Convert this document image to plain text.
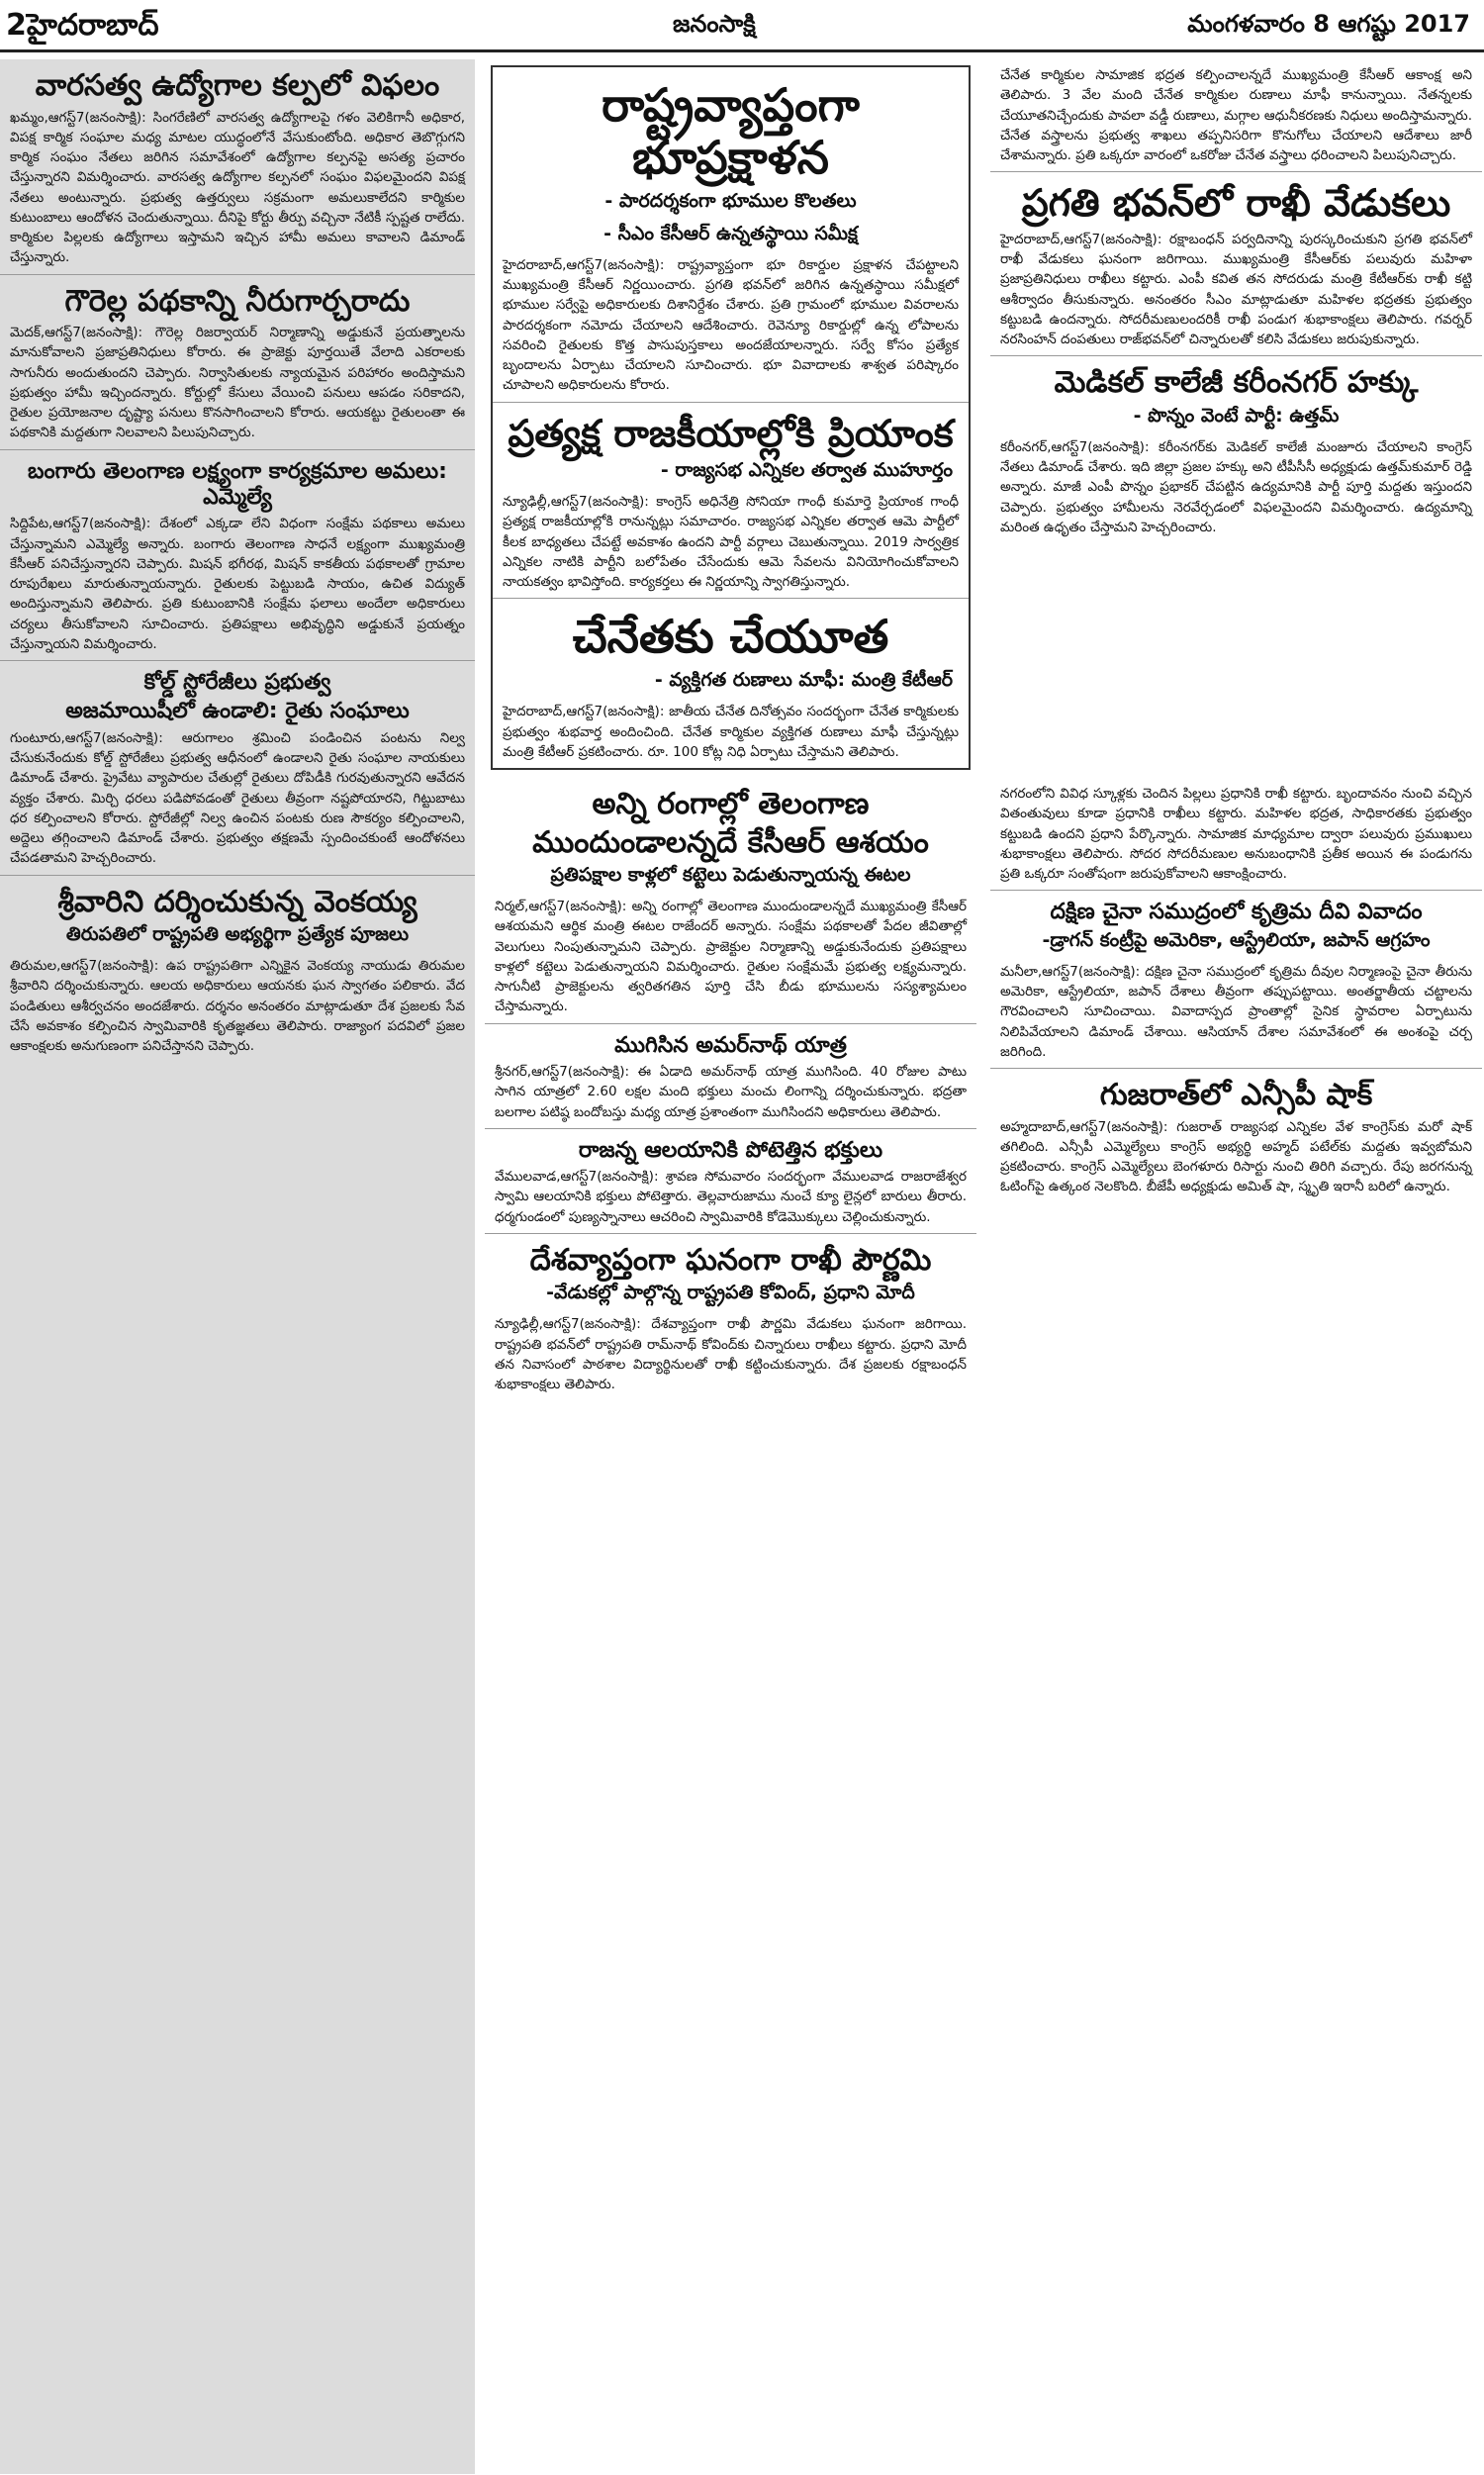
2హైదరాబాద్	జనంసాక్షి	మంగళవారం 8 ఆగష్టు 2017
వారసత్వ ఉద్యోగాల కల్పలో విఫలం

ఖమ్మం,ఆగస్ట్7(జనంసాక్షి): సింగరేణిలో వారసత్వ ఉద్యోగాలపై గళం వెలికిగానీ అధికార, విపక్ష కార్మిక సంఘాల మధ్య మాటల యుద్ధంలోనే వేసుకుంటోంది. అధికార తెబొగ్గుగని కార్మిక సంఘం నేతలు జరిగిన సమావేశంలో ఉద్యోగాల కల్పనపై అసత్య ప్రచారం చేస్తున్నారని విమర్శించారు. వారసత్వ ఉద్యోగాల కల్పనలో సంఘం విఫలమైందని విపక్ష నేతలు అంటున్నారు. ప్రభుత్వ ఉత్తర్వులు సక్రమంగా అమలుకాలేదని కార్మికుల కుటుంబాలు ఆందోళన చెందుతున్నాయి. దీనిపై కోర్టు తీర్పు వచ్చినా నేటికీ స్పష్టత రాలేదు. కార్మికుల పిల్లలకు ఉద్యోగాలు ఇస్తామని ఇచ్చిన హామీ అమలు కావాలని డిమాండ్ చేస్తున్నారు.

గౌరెల్ల పథకాన్ని నీరుగార్చరాదు

మెదక్,ఆగస్ట్7(జనంసాక్షి): గౌరెల్ల రిజర్వాయర్ నిర్మాణాన్ని అడ్డుకునే ప్రయత్నాలను మానుకోవాలని ప్రజాప్రతినిధులు కోరారు. ఈ ప్రాజెక్టు పూర్తయితే వేలాది ఎకరాలకు సాగునీరు అందుతుందని చెప్పారు. నిర్వాసితులకు న్యాయమైన పరిహారం అందిస్తామని ప్రభుత్వం హామీ ఇచ్చిందన్నారు. కోర్టుల్లో కేసులు వేయించి పనులు ఆపడం సరికాదని, రైతుల ప్రయోజనాల దృష్ట్యా పనులు కొనసాగించాలని కోరారు. ఆయకట్టు రైతులంతా ఈ పథకానికి మద్దతుగా నిలవాలని పిలుపునిచ్చారు.

బంగారు తెలంగాణ లక్ష్యంగా కార్యక్రమాల అమలు: ఎమ్మెల్యే

సిద్దిపేట,ఆగస్ట్7(జనంసాక్షి): దేశంలో ఎక్కడా లేని విధంగా సంక్షేమ పథకాలు అమలు చేస్తున్నామని ఎమ్మెల్యే అన్నారు. బంగారు తెలంగాణ సాధనే లక్ష్యంగా ముఖ్యమంత్రి కేసీఆర్ పనిచేస్తున్నారని చెప్పారు. మిషన్ భగీరథ, మిషన్ కాకతీయ పథకాలతో గ్రామాల రూపురేఖలు మారుతున్నాయన్నారు. రైతులకు పెట్టుబడి సాయం, ఉచిత విద్యుత్ అందిస్తున్నామని తెలిపారు. ప్రతి కుటుంబానికి సంక్షేమ ఫలాలు అందేలా అధికారులు చర్యలు తీసుకోవాలని సూచించారు. ప్రతిపక్షాలు అభివృద్ధిని అడ్డుకునే ప్రయత్నం చేస్తున్నాయని విమర్శించారు.

కోల్డ్ స్టోరేజీలు ప్రభుత్వ
అజమాయిషీలో ఉండాలి: రైతు సంఘాలు

గుంటూరు,ఆగస్ట్7(జనంసాక్షి): ఆరుగాలం శ్రమించి పండించిన పంటను నిల్వ చేసుకునేందుకు కోల్డ్ స్టోరేజీలు ప్రభుత్వ ఆధీనంలో ఉండాలని రైతు సంఘాల నాయకులు డిమాండ్ చేశారు. ప్రైవేటు వ్యాపారుల చేతుల్లో రైతులు దోపిడీకి గురవుతున్నారని ఆవేదన వ్యక్తం చేశారు. మిర్చి ధరలు పడిపోవడంతో రైతులు తీవ్రంగా నష్టపోయారని, గిట్టుబాటు ధర కల్పించాలని కోరారు. స్టోరేజీల్లో నిల్వ ఉంచిన పంటకు రుణ సౌకర్యం కల్పించాలని, అద్దెలు తగ్గించాలని డిమాండ్ చేశారు. ప్రభుత్వం తక్షణమే స్పందించకుంటే ఆందోళనలు చేపడతామని హెచ్చరించారు.

శ్రీవారిని దర్శించుకున్న వెంకయ్య
తిరుపతిలో రాష్ట్రపతి అభ్యర్థిగా ప్రత్యేక పూజలు

తిరుమల,ఆగస్ట్7(జనంసాక్షి): ఉప రాష్ట్రపతిగా ఎన్నికైన వెంకయ్య నాయుడు తిరుమల శ్రీవారిని దర్శించుకున్నారు. ఆలయ అధికారులు ఆయనకు ఘన స్వాగతం పలికారు. వేద పండితులు ఆశీర్వచనం అందజేశారు. దర్శనం అనంతరం మాట్లాడుతూ దేశ ప్రజలకు సేవ చేసే అవకాశం కల్పించిన స్వామివారికి కృతజ్ఞతలు తెలిపారు. రాజ్యాంగ పదవిలో ప్రజల ఆకాంక్షలకు అనుగుణంగా పనిచేస్తానని చెప్పారు.

రాష్ట్రవ్యాప్తంగా భూప్రక్షాళన
- పారదర్శకంగా భూముల కొలతలు
- సీఎం కేసీఆర్ ఉన్నతస్థాయి సమీక్ష

హైదరాబాద్,ఆగస్ట్7(జనంసాక్షి): రాష్ట్రవ్యాప్తంగా భూ రికార్డుల ప్రక్షాళన చేపట్టాలని ముఖ్యమంత్రి కేసీఆర్ నిర్ణయించారు. ప్రగతి భవన్‌లో జరిగిన ఉన్నతస్థాయి సమీక్షలో భూముల సర్వేపై అధికారులకు దిశానిర్దేశం చేశారు. ప్రతి గ్రామంలో భూముల వివరాలను పారదర్శకంగా నమోదు చేయాలని ఆదేశించారు. రెవెన్యూ రికార్డుల్లో ఉన్న లోపాలను సవరించి రైతులకు కొత్త పాసుపుస్తకాలు అందజేయాలన్నారు. సర్వే కోసం ప్రత్యేక బృందాలను ఏర్పాటు చేయాలని సూచించారు. భూ వివాదాలకు శాశ్వత పరిష్కారం చూపాలని అధికారులను కోరారు.

ప్రత్యక్ష రాజకీయాల్లోకి ప్రియాంక
- రాజ్యసభ ఎన్నికల తర్వాత ముహూర్తం

న్యూఢిల్లీ,ఆగస్ట్7(జనంసాక్షి): కాంగ్రెస్ అధినేత్రి సోనియా గాంధీ కుమార్తె ప్రియాంక గాంధీ ప్రత్యక్ష రాజకీయాల్లోకి రానున్నట్లు సమాచారం. రాజ్యసభ ఎన్నికల తర్వాత ఆమె పార్టీలో కీలక బాధ్యతలు చేపట్టే అవకాశం ఉందని పార్టీ వర్గాలు చెబుతున్నాయి. 2019 సార్వత్రిక ఎన్నికల నాటికి పార్టీని బలోపేతం చేసేందుకు ఆమె సేవలను వినియోగించుకోవాలని నాయకత్వం భావిస్తోంది. కార్యకర్తలు ఈ నిర్ణయాన్ని స్వాగతిస్తున్నారు.

చేనేతకు చేయూత
- వ్యక్తిగత రుణాలు మాఫీ: మంత్రి కేటీఆర్

హైదరాబాద్,ఆగస్ట్7(జనంసాక్షి): జాతీయ చేనేత దినోత్సవం సందర్భంగా చేనేత కార్మికులకు ప్రభుత్వం శుభవార్త అందించింది. చేనేత కార్మికుల వ్యక్తిగత రుణాలు మాఫీ చేస్తున్నట్లు మంత్రి కేటీఆర్ ప్రకటించారు. రూ. 100 కోట్ల నిధి ఏర్పాటు చేస్తామని తెలిపారు.

చేనేత కార్మికుల సామాజిక భద్రత కల్పించాలన్నదే ముఖ్యమంత్రి కేసీఆర్ ఆకాంక్ష అని తెలిపారు. 3 వేల మంది చేనేత కార్మికుల రుణాలు మాఫీ కానున్నాయి. నేతన్నలకు చేయూతనిచ్చేందుకు పావలా వడ్డీ రుణాలు, మగ్గాల ఆధునీకరణకు నిధులు అందిస్తామన్నారు. చేనేత వస్త్రాలను ప్రభుత్వ శాఖలు తప్పనిసరిగా కొనుగోలు చేయాలని ఆదేశాలు జారీ చేశామన్నారు. ప్రతి ఒక్కరూ వారంలో ఒకరోజు చేనేత వస్త్రాలు ధరించాలని పిలుపునిచ్చారు.

ప్రగతి భవన్‌లో రాఖీ వేడుకలు

హైదరాబాద్,ఆగస్ట్7(జనంసాక్షి): రక్షాబంధన్ పర్వదినాన్ని పురస్కరించుకుని ప్రగతి భవన్‌లో రాఖీ వేడుకలు ఘనంగా జరిగాయి. ముఖ్యమంత్రి కేసీఆర్‌కు పలువురు మహిళా ప్రజాప్రతినిధులు రాఖీలు కట్టారు. ఎంపీ కవిత తన సోదరుడు మంత్రి కేటీఆర్‌కు రాఖీ కట్టి ఆశీర్వాదం తీసుకున్నారు. అనంతరం సీఎం మాట్లాడుతూ మహిళల భద్రతకు ప్రభుత్వం కట్టుబడి ఉందన్నారు. సోదరీమణులందరికీ రాఖీ పండుగ శుభాకాంక్షలు తెలిపారు. గవర్నర్ నరసింహన్ దంపతులు రాజ్‌భవన్‌లో చిన్నారులతో కలిసి వేడుకలు జరుపుకున్నారు.

మెడికల్ కాలేజీ కరీంనగర్ హక్కు
- పొన్నం వెంటే పార్టీ: ఉత్తమ్

కరీంనగర్,ఆగస్ట్7(జనంసాక్షి): కరీంనగర్‌కు మెడికల్ కాలేజీ మంజూరు చేయాలని కాంగ్రెస్ నేతలు డిమాండ్ చేశారు. ఇది జిల్లా ప్రజల హక్కు అని టీపీసీసీ అధ్యక్షుడు ఉత్తమ్‌కుమార్ రెడ్డి అన్నారు. మాజీ ఎంపీ పొన్నం ప్రభాకర్ చేపట్టిన ఉద్యమానికి పార్టీ పూర్తి మద్దతు ఇస్తుందని చెప్పారు. ప్రభుత్వం హామీలను నెరవేర్చడంలో విఫలమైందని విమర్శించారు. ఉద్యమాన్ని మరింత ఉధృతం చేస్తామని హెచ్చరించారు.

అన్ని రంగాల్లో తెలంగాణ
ముందుండాలన్నదే కేసీఆర్ ఆశయం
ప్రతిపక్షాల కాళ్లలో కట్టెలు పెడుతున్నాయన్న ఈటల

నిర్మల్,ఆగస్ట్7(జనంసాక్షి): అన్ని రంగాల్లో తెలంగాణ ముందుండాలన్నదే ముఖ్యమంత్రి కేసీఆర్ ఆశయమని ఆర్థిక మంత్రి ఈటల రాజేందర్ అన్నారు. సంక్షేమ పథకాలతో పేదల జీవితాల్లో వెలుగులు నింపుతున్నామని చెప్పారు. ప్రాజెక్టుల నిర్మాణాన్ని అడ్డుకునేందుకు ప్రతిపక్షాలు కాళ్లలో కట్టెలు పెడుతున్నాయని విమర్శించారు. రైతుల సంక్షేమమే ప్రభుత్వ లక్ష్యమన్నారు. సాగునీటి ప్రాజెక్టులను త్వరితగతిన పూర్తి చేసి బీడు భూములను సస్యశ్యామలం చేస్తామన్నారు.

ముగిసిన అమర్‌నాథ్ యాత్ర

శ్రీనగర్,ఆగస్ట్7(జనంసాక్షి): ఈ ఏడాది అమర్‌నాథ్ యాత్ర ముగిసింది. 40 రోజుల పాటు సాగిన యాత్రలో 2.60 లక్షల మంది భక్తులు మంచు లింగాన్ని దర్శించుకున్నారు. భద్రతా బలగాల పటిష్ఠ బందోబస్తు మధ్య యాత్ర ప్రశాంతంగా ముగిసిందని అధికారులు తెలిపారు.

రాజన్న ఆలయానికి పోటెత్తిన భక్తులు

వేములవాడ,ఆగస్ట్7(జనంసాక్షి): శ్రావణ సోమవారం సందర్భంగా వేములవాడ రాజరాజేశ్వర స్వామి ఆలయానికి భక్తులు పోటెత్తారు. తెల్లవారుజాము నుంచే క్యూ లైన్లలో బారులు తీరారు. ధర్మగుండంలో పుణ్యస్నానాలు ఆచరించి స్వామివారికి కోడెమొక్కులు చెల్లించుకున్నారు.

దేశవ్యాప్తంగా ఘనంగా రాఖీ పౌర్ణమి
-వేడుకల్లో పాల్గొన్న రాష్ట్రపతి కోవింద్, ప్రధాని మోదీ

న్యూఢిల్లీ,ఆగస్ట్7(జనంసాక్షి): దేశవ్యాప్తంగా రాఖీ పౌర్ణమి వేడుకలు ఘనంగా జరిగాయి. రాష్ట్రపతి భవన్‌లో రాష్ట్రపతి రామ్‌నాథ్ కోవింద్‌కు చిన్నారులు రాఖీలు కట్టారు. ప్రధాని మోదీ తన నివాసంలో పాఠశాల విద్యార్థినులతో రాఖీ కట్టించుకున్నారు. దేశ ప్రజలకు రక్షాబంధన్ శుభాకాంక్షలు తెలిపారు.

నగరంలోని వివిధ స్కూళ్లకు చెందిన పిల్లలు ప్రధానికి రాఖీ కట్టారు. బృందావనం నుంచి వచ్చిన వితంతువులు కూడా ప్రధానికి రాఖీలు కట్టారు. మహిళల భద్రత, సాధికారతకు ప్రభుత్వం కట్టుబడి ఉందని ప్రధాని పేర్కొన్నారు. సామాజిక మాధ్యమాల ద్వారా పలువురు ప్రముఖులు శుభాకాంక్షలు తెలిపారు. సోదర సోదరీమణుల అనుబంధానికి ప్రతీక అయిన ఈ పండుగను ప్రతి ఒక్కరూ సంతోషంగా జరుపుకోవాలని ఆకాంక్షించారు.

దక్షిణ చైనా సముద్రంలో కృత్రిమ దీవి వివాదం
-డ్రాగన్ కంట్రీపై అమెరికా, ఆస్ట్రేలియా, జపాన్ ఆగ్రహం

మనీలా,ఆగస్ట్7(జనంసాక్షి): దక్షిణ చైనా సముద్రంలో కృత్రిమ దీవుల నిర్మాణంపై చైనా తీరును అమెరికా, ఆస్ట్రేలియా, జపాన్ దేశాలు తీవ్రంగా తప్పుపట్టాయి. అంతర్జాతీయ చట్టాలను గౌరవించాలని సూచించాయి. వివాదాస్పద ప్రాంతాల్లో సైనిక స్థావరాల ఏర్పాటును నిలిపివేయాలని డిమాండ్ చేశాయి. ఆసియాన్ దేశాల సమావేశంలో ఈ అంశంపై చర్చ జరిగింది.

గుజరాత్‌లో ఎన్సీపీ షాక్

అహ్మదాబాద్,ఆగస్ట్7(జనంసాక్షి): గుజరాత్ రాజ్యసభ ఎన్నికల వేళ కాంగ్రెస్‌కు మరో షాక్ తగిలింది. ఎన్సీపీ ఎమ్మెల్యేలు కాంగ్రెస్ అభ్యర్థి అహ్మద్ పటేల్‌కు మద్దతు ఇవ్వబోమని ప్రకటించారు. కాంగ్రెస్ ఎమ్మెల్యేలు బెంగళూరు రిసార్టు నుంచి తిరిగి వచ్చారు. రేపు జరగనున్న ఓటింగ్‌పై ఉత్కంఠ నెలకొంది. బీజేపీ అధ్యక్షుడు అమిత్ షా, స్మృతి ఇరానీ బరిలో ఉన్నారు.
